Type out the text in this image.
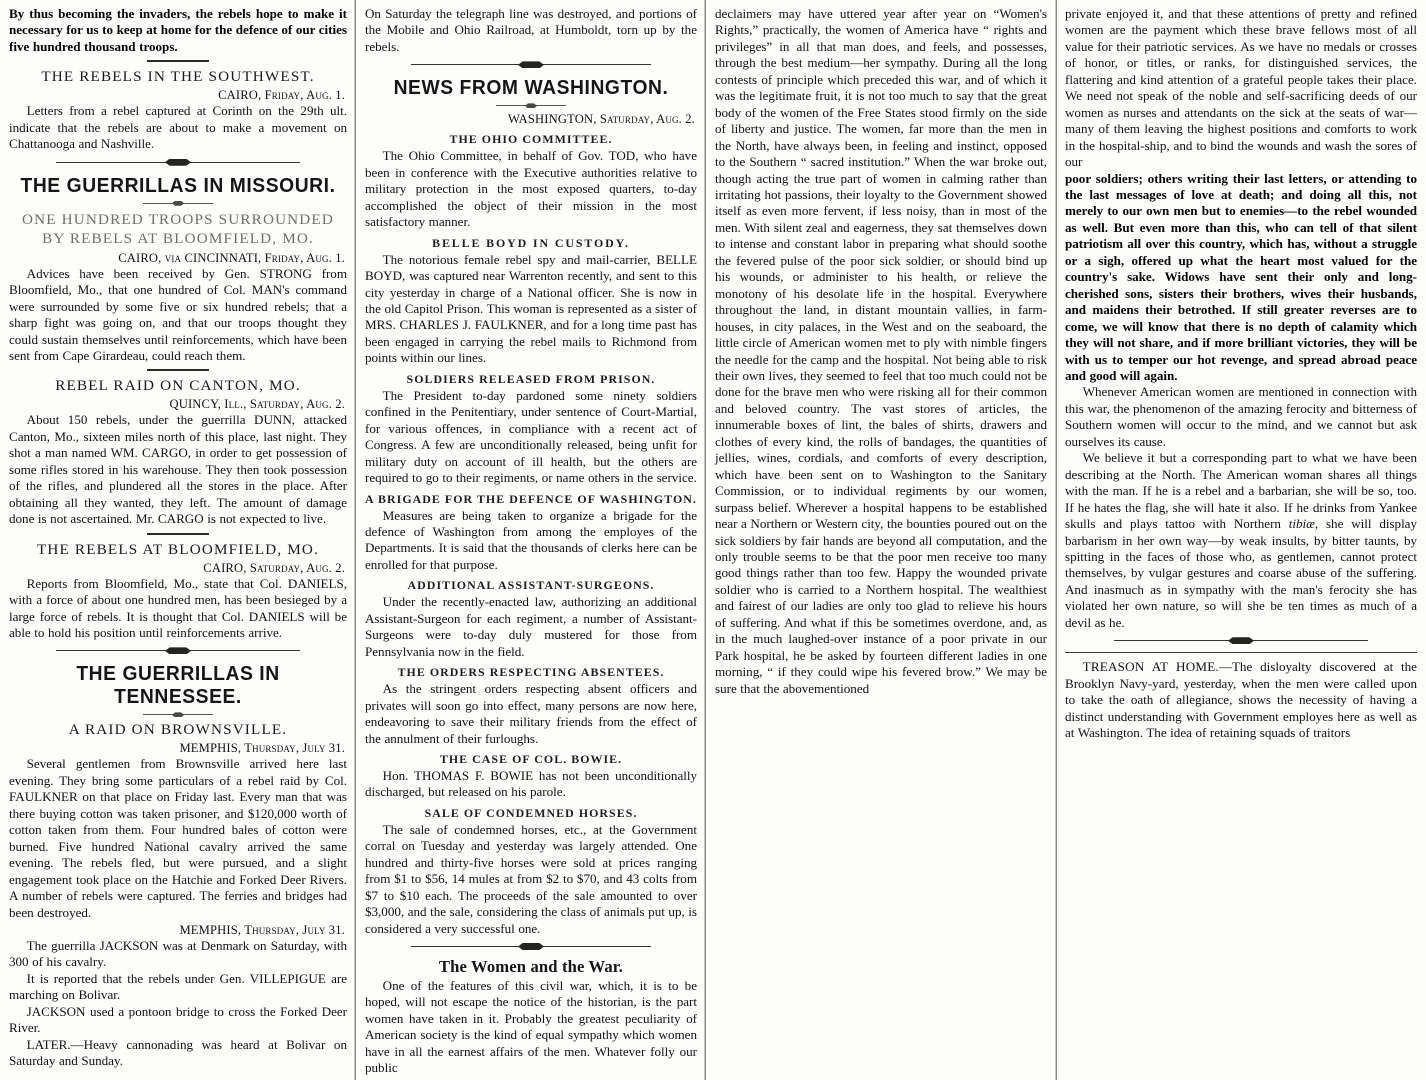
By thus becoming the invaders, the rebels hope to make it necessary for us to keep at home for the defence of our cities five hundred thousand troops.

THE REBELS IN THE SOUTHWEST.

CAIRO, Friday, Aug. 1.

Letters from a rebel captured at Corinth on the 29th ult. indicate that the rebels are about to make a movement on Chattanooga and Nashville.

THE GUERRILLAS IN MISSOURI.
ONE HUNDRED TROOPS SURROUNDED BY REBELS AT BLOOMFIELD, MO.

CAIRO, via CINCINNATI, Friday, Aug. 1.

Advices have been received by Gen. STRONG from Bloomfield, Mo., that one hundred of Col. MAN's command were surrounded by some five or six hundred rebels; that a sharp fight was going on, and that our troops thought they could sustain themselves until reinforcements, which have been sent from Cape Girardeau, could reach them.

REBEL RAID ON CANTON, MO.

QUINCY, Ill., Saturday, Aug. 2.

About 150 rebels, under the guerrilla DUNN, attacked Canton, Mo., sixteen miles north of this place, last night. They shot a man named WM. CARGO, in order to get possession of some rifles stored in his warehouse. They then took possession of the rifles, and plundered all the stores in the place. After obtaining all they wanted, they left. The amount of damage done is not ascertained. Mr. CARGO is not expected to live.

THE REBELS AT BLOOMFIELD, MO.

CAIRO, Saturday, Aug. 2.

Reports from Bloomfield, Mo., state that Col. DANIELS, with a force of about one hundred men, has been besieged by a large force of rebels. It is thought that Col. DANIELS will be able to hold his position until reinforcements arrive.

THE GUERRILLAS IN TENNESSEE.
A RAID ON BROWNSVILLE.

MEMPHIS, Thursday, July 31.

Several gentlemen from Brownsville arrived here last evening. They bring some particulars of a rebel raid by Col. FAULKNER on that place on Friday last. Every man that was there buying cotton was taken prisoner, and $120,000 worth of cotton taken from them. Four hundred bales of cotton were burned. Five hundred National cavalry arrived the same evening. The rebels fled, but were pursued, and a slight engagement took place on the Hatchie and Forked Deer Rivers. A number of rebels were captured. The ferries and bridges had been destroyed.

MEMPHIS, Thursday, July 31.

The guerrilla JACKSON was at Denmark on Saturday, with 300 of his cavalry.

It is reported that the rebels under Gen. VILLEPIGUE are marching on Bolivar.

JACKSON used a pontoon bridge to cross the Forked Deer River.

LATER.—Heavy cannonading was heard at Bolivar on Saturday and Sunday.

On Saturday the telegraph line was destroyed, and portions of the Mobile and Ohio Railroad, at Humboldt, torn up by the rebels.

NEWS FROM WASHINGTON.

WASHINGTON, Saturday, Aug. 2.

THE OHIO COMMITTEE.

The Ohio Committee, in behalf of Gov. TOD, who have been in conference with the Executive authorities relative to military protection in the most exposed quarters, to-day accomplished the object of their mission in the most satisfactory manner.

BELLE BOYD IN CUSTODY.

The notorious female rebel spy and mail-carrier, BELLE BOYD, was captured near Warrenton recently, and sent to this city yesterday in charge of a National officer. She is now in the old Capitol Prison. This woman is represented as a sister of MRS. CHARLES J. FAULKNER, and for a long time past has been engaged in carrying the rebel mails to Richmond from points within our lines.

SOLDIERS RELEASED FROM PRISON.

The President to-day pardoned some ninety soldiers confined in the Penitentiary, under sentence of Court-Martial, for various offences, in compliance with a recent act of Congress. A few are unconditionally released, being unfit for military duty on account of ill health, but the others are required to go to their regiments, or name others in the service.

A BRIGADE FOR THE DEFENCE OF WASHINGTON.

Measures are being taken to organize a brigade for the defence of Washington from among the employes of the Departments. It is said that the thousands of clerks here can be enrolled for that purpose.

ADDITIONAL ASSISTANT-SURGEONS.

Under the recently-enacted law, authorizing an additional Assistant-Surgeon for each regiment, a number of Assistant-Surgeons were to-day duly mustered for those from Pennsylvania now in the field.

THE ORDERS RESPECTING ABSENTEES.

As the stringent orders respecting absent officers and privates will soon go into effect, many persons are now here, endeavoring to save their military friends from the effect of the annulment of their furloughs.

THE CASE OF COL. BOWIE.

Hon. THOMAS F. BOWIE has not been unconditionally discharged, but released on his parole.

SALE OF CONDEMNED HORSES.

The sale of condemned horses, etc., at the Government corral on Tuesday and yesterday was largely attended. One hundred and thirty-five horses were sold at prices ranging from $1 to $56, 14 mules at from $2 to $70, and 43 colts from $7 to $10 each. The proceeds of the sale amounted to over $3,000, and the sale, considering the class of animals put up, is considered a very successful one.

The Women and the War.

One of the features of this civil war, which, it is to be hoped, will not escape the notice of the historian, is the part women have taken in it. Probably the greatest peculiarity of American society is the kind of equal sympathy which women have in all the earnest affairs of the men. Whatever folly our public

declaimers may have uttered year after year on “Women's Rights,” practically, the women of America have “ rights and privileges” in all that man does, and feels, and possesses, through the best medium—her sympathy. During all the long contests of principle which preceded this war, and of which it was the legitimate fruit, it is not too much to say that the great body of the women of the Free States stood firmly on the side of liberty and justice. The women, far more than the men in the North, have always been, in feeling and instinct, opposed to the Southern “ sacred institution.” When the war broke out, though acting the true part of women in calming rather than irritating hot passions, their loyalty to the Government showed itself as even more fervent, if less noisy, than in most of the men. With silent zeal and eagerness, they sat themselves down to intense and constant labor in preparing what should soothe the fevered pulse of the poor sick soldier, or should bind up his wounds, or administer to his health, or relieve the monotony of his desolate life in the hospital. Everywhere throughout the land, in distant mountain vallies, in farm-houses, in city palaces, in the West and on the seaboard, the little circle of American women met to ply with nimble fingers the needle for the camp and the hospital. Not being able to risk their own lives, they seemed to feel that too much could not be done for the brave men who were risking all for their common and beloved country. The vast stores of articles, the innumerable boxes of lint, the bales of shirts, drawers and clothes of every kind, the rolls of bandages, the quantities of jellies, wines, cordials, and comforts of every description, which have been sent on to Washington to the Sanitary Commission, or to individual regiments by our women, surpass belief. Wherever a hospital happens to be established near a Northern or Western city, the bounties poured out on the sick soldiers by fair hands are beyond all computation, and the only trouble seems to be that the poor men receive too many good things rather than too few. Happy the wounded private soldier who is carried to a Northern hospital. The wealthiest and fairest of our ladies are only too glad to relieve his hours of suffering. And what if this be sometimes overdone, and, as in the much laughed-over instance of a poor private in our Park hospital, he be asked by fourteen different ladies in one morning, “ if they could wipe his fevered brow.” We may be sure that the abovementioned

private enjoyed it, and that these attentions of pretty and refined women are the payment which these brave fellows most of all value for their patriotic services. As we have no medals or crosses of honor, or titles, or ranks, for distinguished services, the flattering and kind attention of a grateful people takes their place. We need not speak of the noble and self-sacrificing deeds of our women as nurses and attendants on the sick at the seats of war—many of them leaving the highest positions and comforts to work in the hospital-ship, and to bind the wounds and wash the sores of our

poor soldiers; others writing their last letters, or attending to the last messages of love at death; and doing all this, not merely to our own men but to enemies—to the rebel wounded as well. But even more than this, who can tell of that silent patriotism all over this country, which has, without a struggle or a sigh, offered up what the heart most valued for the country's sake. Widows have sent their only and long-cherished sons, sisters their brothers, wives their husbands, and maidens their betrothed. If still greater reverses are to come, we will know that there is no depth of calamity which they will not share, and if more brilliant victories, they will be with us to temper our hot revenge, and spread abroad peace and good will again.

Whenever American women are mentioned in connection with this war, the phenomenon of the amazing ferocity and bitterness of Southern women will occur to the mind, and we cannot but ask ourselves its cause.

We believe it but a corresponding part to what we have been describing at the North. The American woman shares all things with the man. If he is a rebel and a barbarian, she will be so, too. If he hates the flag, she will hate it also. If he drinks from Yankee skulls and plays tattoo with Northern tibiæ, she will display barbarism in her own way—by weak insults, by bitter taunts, by spitting in the faces of those who, as gentlemen, cannot protect themselves, by vulgar gestures and coarse abuse of the suffering. And inasmuch as in sympathy with the man's ferocity she has violated her own nature, so will she be ten times as much of a devil as he.

TREASON AT HOME.—The disloyalty discovered at the Brooklyn Navy-yard, yesterday, when the men were called upon to take the oath of allegiance, shows the necessity of having a distinct understanding with Government employes here as well as at Washington. The idea of retaining squads of traitors
